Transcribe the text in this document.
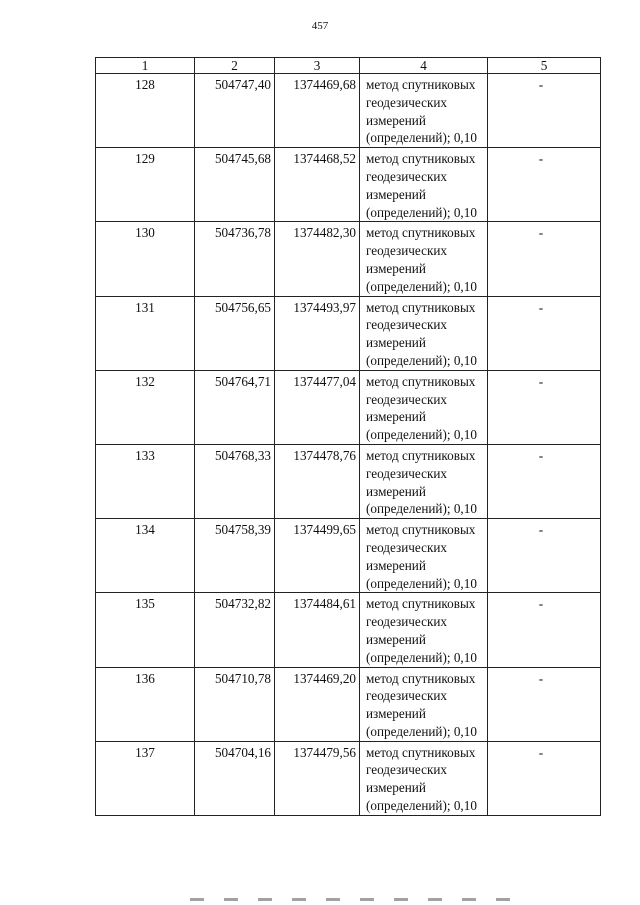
457
1	2	3	4	5
128	504747,40	1374469,68	метод спутниковых
геодезических
измерений
(определений); 0,10	-
129	504745,68	1374468,52	метод спутниковых
геодезических
измерений
(определений); 0,10	-
130	504736,78	1374482,30	метод спутниковых
геодезических
измерений
(определений); 0,10	-
131	504756,65	1374493,97	метод спутниковых
геодезических
измерений
(определений); 0,10	-
132	504764,71	1374477,04	метод спутниковых
геодезических
измерений
(определений); 0,10	-
133	504768,33	1374478,76	метод спутниковых
геодезических
измерений
(определений); 0,10	-
134	504758,39	1374499,65	метод спутниковых
геодезических
измерений
(определений); 0,10	-
135	504732,82	1374484,61	метод спутниковых
геодезических
измерений
(определений); 0,10	-
136	504710,78	1374469,20	метод спутниковых
геодезических
измерений
(определений); 0,10	-
137	504704,16	1374479,56	метод спутниковых
геодезических
измерений
(определений); 0,10	-
